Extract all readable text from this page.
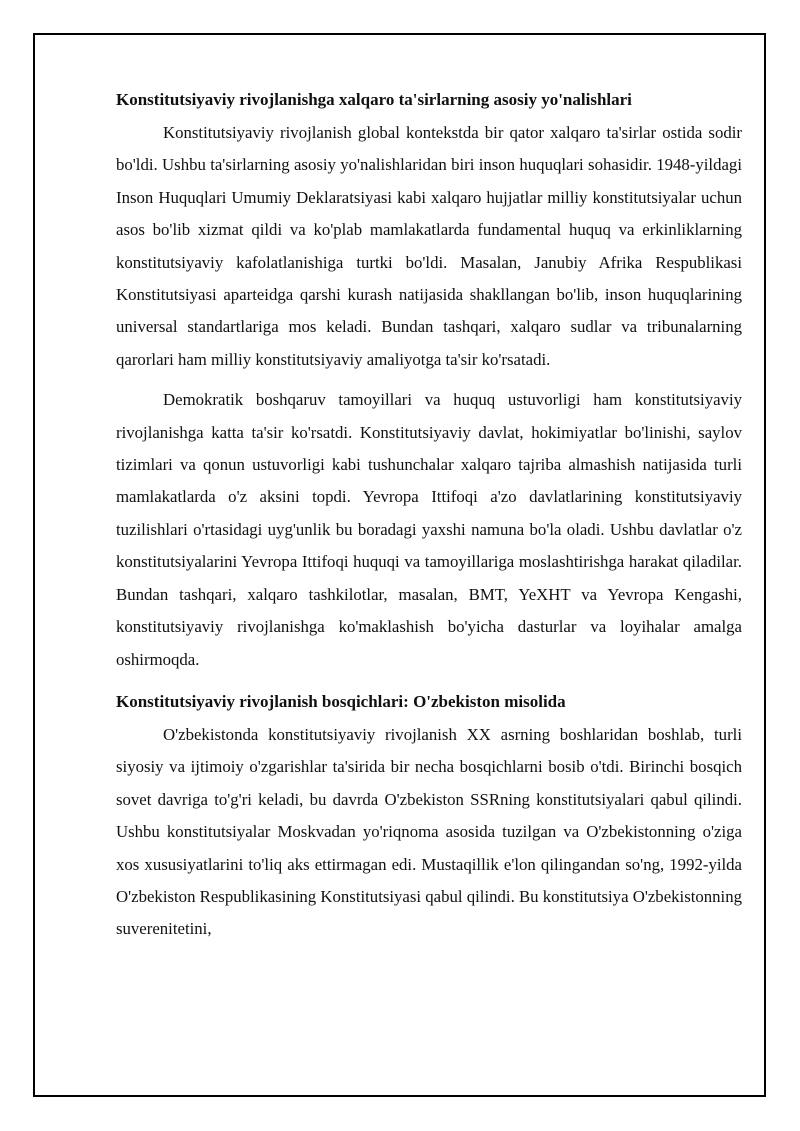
Konstitutsiyaviy rivojlanishga xalqaro ta'sirlarning asosiy yo'nalishlari

Konstitutsiyaviy rivojlanish global kontekstda bir qator xalqaro ta'sirlar ostida sodir bo'ldi. Ushbu ta'sirlarning asosiy yo'nalishlaridan biri inson huquqlari sohasidir. 1948-yildagi Inson Huquqlari Umumiy Deklaratsiyasi kabi xalqaro hujjatlar milliy konstitutsiyalar uchun asos bo'lib xizmat qildi va ko'plab mamlakatlarda fundamental huquq va erkinliklarning konstitutsiyaviy kafolatlanishiga turtki bo'ldi. Masalan, Janubiy Afrika Respublikasi Konstitutsiyasi aparteidga qarshi kurash natijasida shakllangan bo'lib, inson huquqlarining universal standartlariga mos keladi. Bundan tashqari, xalqaro sudlar va tribunalarning qarorlari ham milliy konstitutsiyaviy amaliyotga ta'sir ko'rsatadi.

Demokratik boshqaruv tamoyillari va huquq ustuvorligi ham konstitutsiyaviy rivojlanishga katta ta'sir ko'rsatdi. Konstitutsiyaviy davlat, hokimiyatlar bo'linishi, saylov tizimlari va qonun ustuvorligi kabi tushunchalar xalqaro tajriba almashish natijasida turli mamlakatlarda o'z aksini topdi. Yevropa Ittifoqi a'zo davlatlarining konstitutsiyaviy tuzilishlari o'rtasidagi uyg'unlik bu boradagi yaxshi namuna bo'la oladi. Ushbu davlatlar o'z konstitutsiyalarini Yevropa Ittifoqi huquqi va tamoyillariga moslashtirishga harakat qiladilar. Bundan tashqari, xalqaro tashkilotlar, masalan, BMT, YeXHT va Yevropa Kengashi, konstitutsiyaviy rivojlanishga ko'maklashish bo'yicha dasturlar va loyihalar amalga oshirmoqda.

Konstitutsiyaviy rivojlanish bosqichlari: O'zbekiston misolida

O'zbekistonda konstitutsiyaviy rivojlanish XX asrning boshlaridan boshlab, turli siyosiy va ijtimoiy o'zgarishlar ta'sirida bir necha bosqichlarni bosib o'tdi. Birinchi bosqich sovet davriga to'g'ri keladi, bu davrda O'zbekiston SSRning konstitutsiyalari qabul qilindi. Ushbu konstitutsiyalar Moskvadan yo'riqnoma asosida tuzilgan va O'zbekistonning o'ziga xos xususiyatlarini to'liq aks ettirmagan edi. Mustaqillik e'lon qilingandan so'ng, 1992-yilda O'zbekiston Respublikasining Konstitutsiyasi qabul qilindi. Bu konstitutsiya O'zbekistonning suverenitetini,
